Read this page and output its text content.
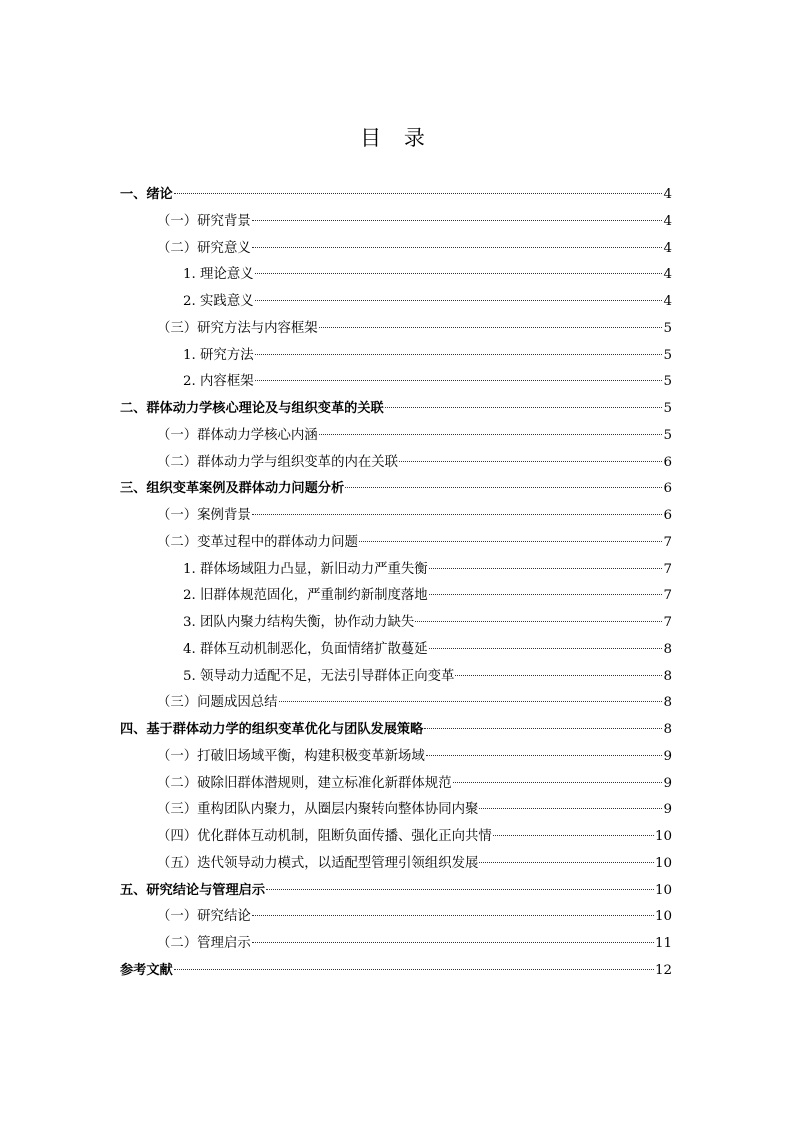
目 录
一、绪论	4
（一）研究背景	4
（二）研究意义	4
1. 理论意义	4
2. 实践意义	4
（三）研究方法与内容框架	5
1. 研究方法	5
2. 内容框架	5
二、群体动力学核心理论及与组织变革的关联	5
（一）群体动力学核心内涵	5
（二）群体动力学与组织变革的内在关联	6
三、组织变革案例及群体动力问题分析	6
（一）案例背景	6
（二）变革过程中的群体动力问题	7
1. 群体场域阻力凸显，新旧动力严重失衡	7
2. 旧群体规范固化，严重制约新制度落地	7
3. 团队内聚力结构失衡，协作动力缺失	7
4. 群体互动机制恶化，负面情绪扩散蔓延	8
5. 领导动力适配不足，无法引导群体正向变革	8
（三）问题成因总结	8
四、基于群体动力学的组织变革优化与团队发展策略	8
（一）打破旧场域平衡，构建积极变革新场域	9
（二）破除旧群体潜规则，建立标准化新群体规范	9
（三）重构团队内聚力，从圈层内聚转向整体协同内聚	9
（四）优化群体互动机制，阻断负面传播、强化正向共情	10
（五）迭代领导动力模式，以适配型管理引领组织发展	10
五、研究结论与管理启示	10
（一）研究结论	10
（二）管理启示	11
参考文献	12
